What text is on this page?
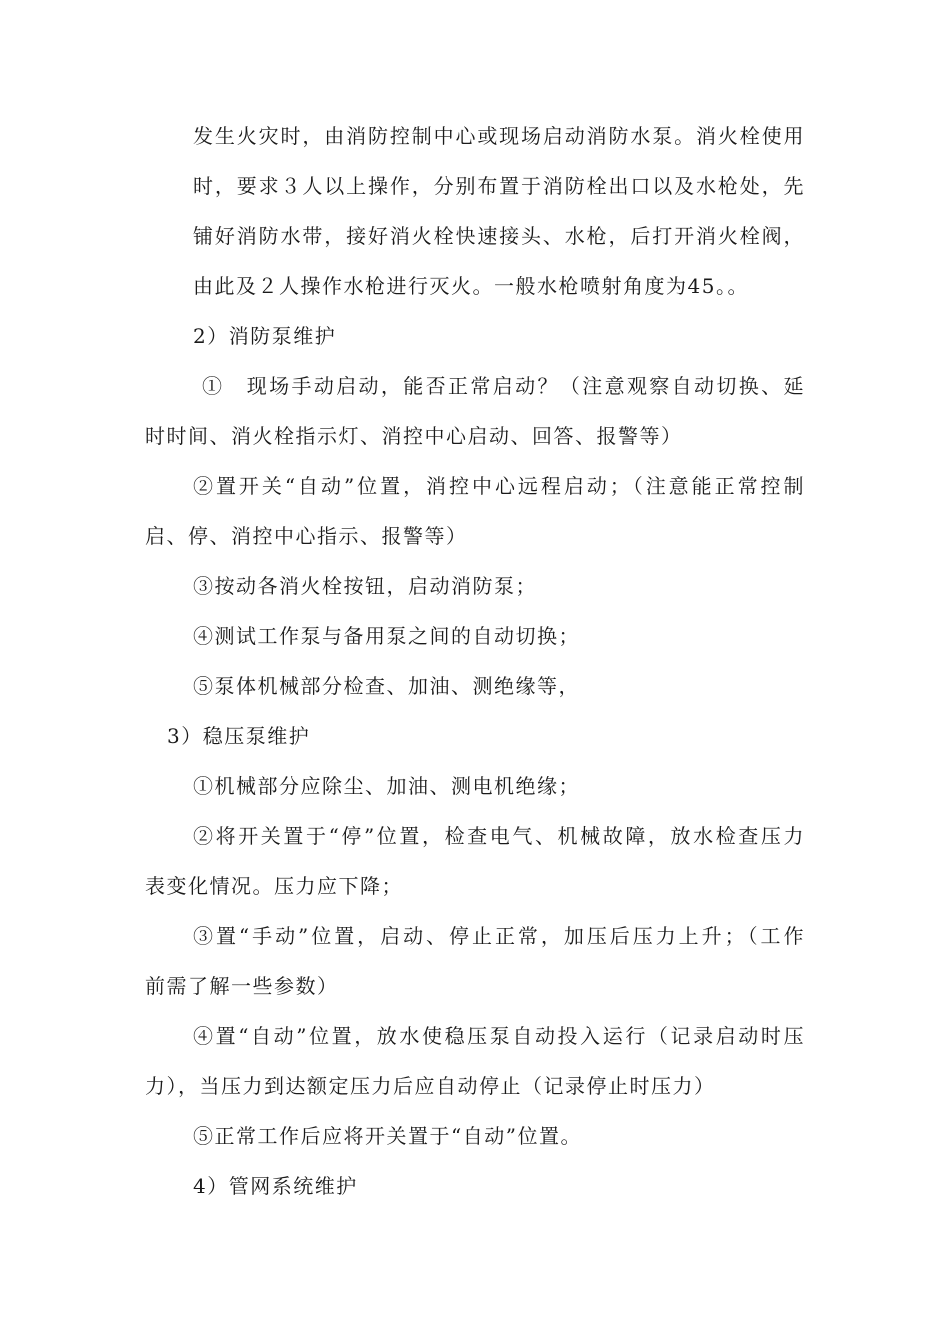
发生火灾时，由消防控制中心或现场启动消防水泵。消火栓使用
时，要求３人以上操作，分别布置于消防栓出口以及水枪处，先
铺好消防水带，接好消火栓快速接头、水枪，后打开消火栓阀，
由此及２人操作水枪进行灭火。一般水枪喷射角度为45。。
2）消防泵维护
①　现场手动启动，能否正常启动？（注意观察自动切换、延
时时间、消火栓指示灯、消控中心启动、回答、报警等）
②置开关“自动”位置，消控中心远程启动；（注意能正常控制
启、停、消控中心指示、报警等）
③按动各消火栓按钮，启动消防泵；
④测试工作泵与备用泵之间的自动切换；
⑤泵体机械部分检查、加油、测绝缘等，
3）稳压泵维护
①机械部分应除尘、加油、测电机绝缘；
②将开关置于“停”位置，检查电气、机械故障，放水检查压力
表变化情况。压力应下降；
③置“手动”位置，启动、停止正常，加压后压力上升；（工作
前需了解一些参数）
④置“自动”位置，放水使稳压泵自动投入运行（记录启动时压
力），当压力到达额定压力后应自动停止（记录停止时压力）
⑤正常工作后应将开关置于“自动”位置。
4）管网系统维护
